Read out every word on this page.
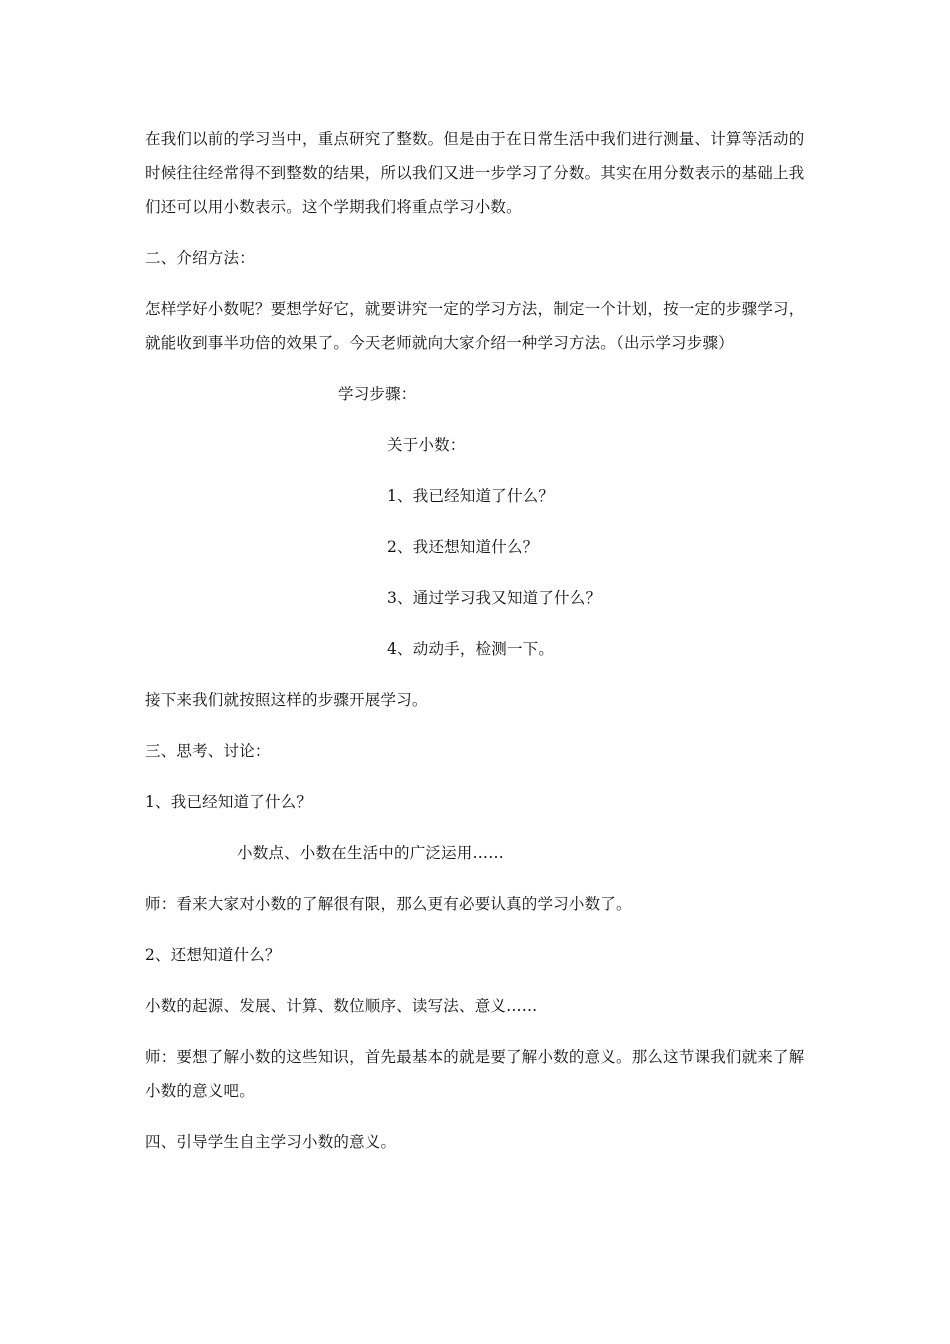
在我们以前的学习当中，重点研究了整数。但是由于在日常生活中我们进行测量、计算等活动的时候往往经常得不到整数的结果，所以我们又进一步学习了分数。其实在用分数表示的基础上我们还可以用小数表示。这个学期我们将重点学习小数。

二、介绍方法：

怎样学好小数呢？要想学好它，就要讲究一定的学习方法，制定一个计划，按一定的步骤学习，就能收到事半功倍的效果了。今天老师就向大家介绍一种学习方法。（出示学习步骤）

学习步骤：

关于小数：

1、我已经知道了什么？

2、我还想知道什么？

3、通过学习我又知道了什么？

4、动动手，检测一下。

接下来我们就按照这样的步骤开展学习。

三、思考、讨论：

1、我已经知道了什么？

小数点、小数在生活中的广泛运用……

师：看来大家对小数的了解很有限，那么更有必要认真的学习小数了。

2、还想知道什么？

小数的起源、发展、计算、数位顺序、读写法、意义……

师：要想了解小数的这些知识，首先最基本的就是要了解小数的意义。那么这节课我们就来了解小数的意义吧。

四、引导学生自主学习小数的意义。
